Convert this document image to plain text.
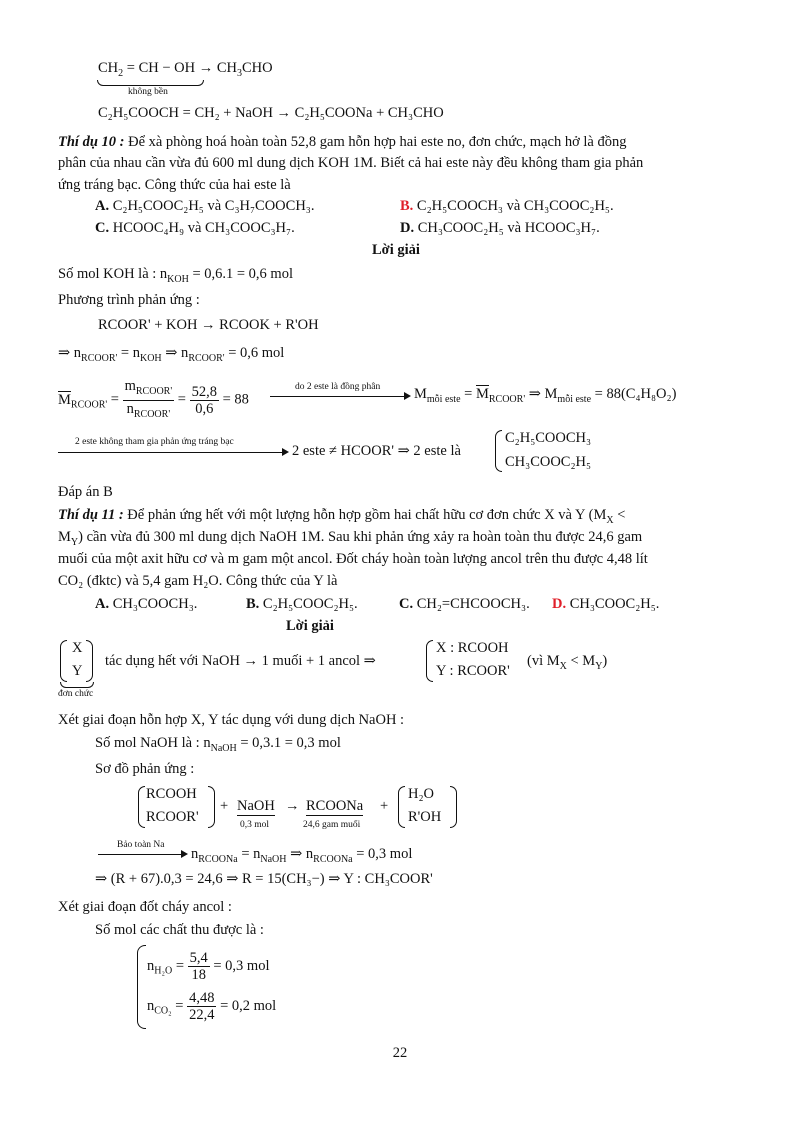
$CH_2$ = CH − OH → $CH_3CHO$
không bền
C₂H₅COOCH = CH₂ + NaOH → C₂H₅COONa + CH₃CHO
Thí dụ 10 : Để xà phòng hoá hoàn toàn 52,8 gam hỗn hợp hai este no, đơn chức, mạch hở là đồng
phân của nhau cần vừa đủ 600 ml dung dịch KOH 1M. Biết cả hai este này đều không tham gia phản
ứng tráng bạc. Công thức của hai este là
A. C₂H₅COOC₂H₅ và C₃H₇COOCH₃.	B. C₂H₅COOCH₃ và CH₃COOC₂H₅.
C. HCOOC₄H₉ và CH₃COOC₃H₇.	D. CH₃COOC₂H₅ và HCOOC₃H₇.
Lời giải
Số mol KOH là : $n_{KOH} = 0,6.1 = 0,6$ mol
Phương trình phản ứng :
RCOOR' + KOH → RCOOK + R'OH
⇒ $n_{RCOOR'} = n_{KOH}$ ⇒ $n_{RCOOR'} = 0,6$ mol
$M_{RCOOR'} = \frac{m_{RCOOR'}}{n_{RCOOR'}} = \frac{52,8}{0,6} = 88$
do 2 este là đồng phân $M_{mỗi este} = M_{RCOOR'}$ ⇒ $M_{mỗi este} = 88(C_4H_8O_2)$
2 este không tham gia phản ứng tráng bạc
2 este ≠ HCOOR' ⇒ 2 este là
C₂H₅COOCH₃
CH₃COOC₂H₅
Đáp án B
Thí dụ 11 : Để phản ứng hết với một lượng hỗn hợp gồm hai chất hữu cơ đơn chức X và Y ($M_X$ <
$M_Y$) cần vừa đủ 300 ml dung dịch NaOH 1M. Sau khi phản ứng xảy ra hoàn toàn thu được 24,6 gam
muối của một axit hữu cơ và m gam một ancol. Đốt cháy hoàn toàn lượng ancol trên thu được 4,48 lít
CO₂ (đktc) và 5,4 gam H₂O. Công thức của Y là
A. CH₃COOCH₃.	B. C₂H₅COOC₂H₅.	C. CH₂=CHCOOCH₃. D. CH₃COOC₂H₅.
Lời giải
X
Y
đơn chức
tác dụng hết với NaOH → 1 muối + 1 ancol ⇒
X : RCOOH
Y : RCOOR'
(vì $M_X < M_Y$)
Xét giai đoạn hỗn hợp X, Y tác dụng với dung dịch NaOH :
Số mol NaOH là : $n_{NaOH} = 0,3.1 = 0,3$ mol
Sơ đồ phản ứng :
RCOOH
RCOOR'
+ NaOH
0,3 mol
→ RCOONa
24,6 gam muối
+
H₂O
R'OH
Bảo toàn Na
$n_{RCOONa} = n_{NaOH}$ ⇒ $n_{RCOONa} = 0,3$ mol
⇒ (R + 67).0,3 = 24,6 ⇒ R = 15(CH₃−) ⇒ Y : CH₃COOR'
Xét giai đoạn đốt cháy ancol :
Số mol các chất thu được là :
$n_{H_2O} = \frac{5,4}{18} = 0,3$ mol
$n_{CO_2} = \frac{4,48}{22,4} = 0,2$ mol
22
